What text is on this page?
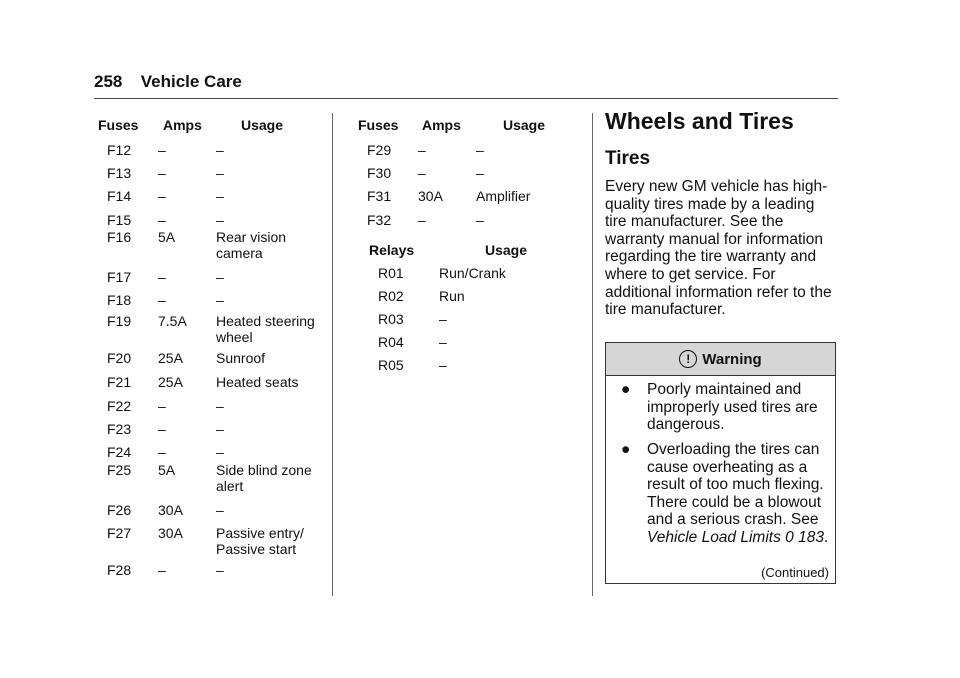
258 Vehicle Care
Fuses Amps	Usage
F12 –	–
F13 –	–
F14 –	–
F15 –	–
F16 5A	Rear vision camera
F17 –	–
F18 –	–
F19 7.5A Heated steering wheel
F20 25A Sunroof
F21 25A Heated seats
F22 –	–
F23 –	–
F24 –	–
F25 5A	Side blind zone alert
F26 30A –
F27 30A Passive entry/ Passive start
F28 –	–
Fuses Amps	Usage
F29 –	–
F30 –	–
F31 30A Amplifier
F32 –	–
Relays	Usage
R01	Run/Crank
R02	Run
R03	–
R04	–
R05	–
Wheels and Tires
Tires
Every new GM vehicle has high-quality tires made by a leading tire manufacturer. See the warranty manual for information regarding the tire warranty and where to get service. For additional information refer to the tire manufacturer.
! Warning
● Poorly maintained and improperly used tires are dangerous.
● Overloading the tires can cause overheating as a result of too much flexing. There could be a blowout and a serious crash. See Vehicle Load Limits 0 183.
(Continued)
